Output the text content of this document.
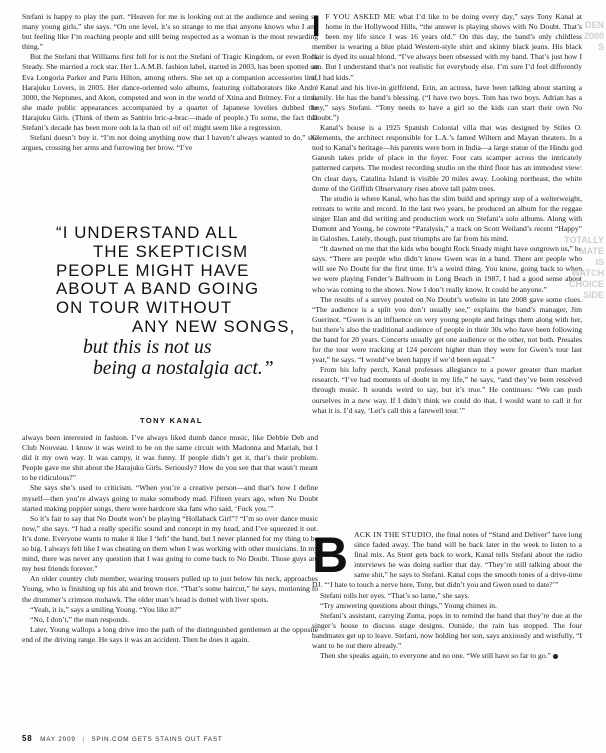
Stefani is happy to play the part. “Heaven for me is looking out at the audience and seeing so many young girls,” she says. “On one level, it’s so strange to me that anyone knows who I am, but feeling like I’m reaching people and still being respected as a woman is the most rewarding thing.”

But the Stefani that Williams first fell for is not the Stefani of Tragic Kingdom, or even Rock Steady. She married a rock star. Her L.A.M.B. fashion label, started in 2003, has been spotted on Eva Longoria Parker and Paris Hilton, among others. She set up a companion accessories line, Harajuku Lovers, in 2005. Her dance-oriented solo albums, featuring collaborators like André 3000, the Neptunes, and Akon, competed and won in the world of Xtina and Britney. For a time, she made public appearances accompanied by a quartet of Japanese lovelies dubbed the Harajuku Girls. (Think of them as Santrio bric-a-brac—made of people.) To some, the fact that Stefani’s decade has been more ooh la la than oi! oi! oi! might seem like a regression.

Stefani doesn’t buy it. “I’m not doing anything now that I haven’t always wanted to do,” she argues, crossing her arms and furrowing her brow. “I’ve

“I UNDERSTAND ALL
THE SKEPTICISM
PEOPLE MIGHT HAVE
ABOUT A BAND GOING
ON TOUR WITHOUT
ANY NEW SONGS,
but this is not us
being a nostalgia act.”
TONY KANAL

always been interested in fashion. I’ve always liked dumb dance music, like Debbie Deb and Club Nouveau. I know it was weird to be on the same circuit with Madonna and Mariah, but I did it my own way. It was campy, it was funny. If people didn’t get it, that’s their problem. People gave me shit about the Harajuku Girls. Seriously? How do you see that that wasn’t meant to be ridiculous?”

She says she’s used to criticism. “When you’re a creative person—and that’s how I define myself—then you’re always going to make somebody mad. Fifteen years ago, when No Doubt started making poppier songs, there were hardcore ska fans who said, ‘Fuck you.’”

So it’s fair to say that No Doubt won’t be playing “Hollaback Girl”? “I’m so over dance music now,” she says. “I had a really specific sound and concept in my head, and I’ve squeezed it out. It’s done. Everyone wants to make it like I ‘left’ the band, but I never planned for my thing to be so big. I always felt like I was cheating on them when I was working with other musicians. In my mind, there was never any question that I was going to come back to No Doubt. Those guys are my best friends forever.”

An older country club member, wearing trousers pulled up to just below his neck, approaches Young, who is finishing up his ahi and brown rice. “That’s some haircut,” he says, motioning to the drummer’s crimson mohawk. The older man’s head is dotted with liver spots.

“Yeah, it is,” says a smiling Young. “You like it?”

“No, I don’t,” the man responds.

Later, Young wallops a long drive into the path of the distinguished gentlemen at the opposite end of the driving range. He says it was an accident. Then he does it again.

I F YOU ASKED ME what I’d like to be doing every day,” says Tony Kanal at home in the Hollywood Hills, “the answer is playing shows with No Doubt. That’s been my life since I was 16 years old.” On this day, the band’s only childless member is wearing a blue plaid Western-style shirt and skinny black jeans. His black hair is dyed its usual blond. “I’ve always been obsessed with my band. That’s just how I am. But I understand that’s not realistic for everybody else. I’m sure I’d feel differently if I had kids.”

Kanal and his live-in girlfriend, Erin, an actress, have been talking about starting a family. He has the band’s blessing. (“I have two boys. Tom has two boys. Adrian has a boy,” says Stefani. “Tony needs to have a girl so the kids can start their own No Doubt.”)

Kanal’s house is a 1925 Spanish Colonial villa that was designed by Stiles O. Clements, the architect responsible for L.A.’s famed Wiltern and Mayan theaters. In a nod to Kanal’s heritage—his parents were born in India—a large statue of the Hindu god Ganesh takes pride of place in the foyer. Four cats scamper across the intricately patterned carpets. The modest recording studio on the third floor has an immodest view: On clear days, Catalina Island is visible 20 miles away. Looking northeast, the white dome of the Griffith Observatory rises above tall palm trees.

The studio is where Kanal, who has the slim build and springy step of a welterweight, retreats to write and record. In the last two years, he produced an album for the reggae singer Elan and did writing and production work on Stefani’s solo albums. Along with Dumont and Young, he cowrote “Paralysis,” a track on Scott Weiland’s recent “Happy” in Galoshes. Lately, though, past triumphs are far from his mind.

“It dawned on me that the kids who bought Rock Steady might have outgrown us,” he says. “There are people who didn’t know Gwen was in a band. There are people who will see No Doubt for the first time. It’s a weird thing. You know, going back to when we were playing Fender’s Ballroom in Long Beach in 1987, I had a good sense about who was coming to the shows. Now I don’t really know. It could be anyone.”

The results of a survey posted on No Doubt’s website in late 2008 gave some clues. “The audience is a split you don’t usually see,” explains the band’s manager, Jim Guerinot. “Gwen is an influence on very young people and brings them along with her, but there’s also the traditional audience of people in their 30s who have been following the band for 20 years. Concerts usually get one audience or the other, not both. Presales for the tour were tracking at 124 percent higher than they were for Gwen’s tour last year,” he says. “I would’ve been happy if we’d been equal.”

From his lofty perch, Kanal professes allegiance to a power greater than market research. “I’ve had moments of doubt in my life,” he says, “and they’ve been resolved through music. It sounds weird to say, but it’s true.” He continues: “We can push ourselves in a new way. If I didn’t think we could do that, I would want to call it for what it is. I’d say, ‘Let’s call this a farewell tour.’”

BACK IN THE STUDIO, the final notes of “Stand and Deliver” have long since faded away. The band will be back later in the week to listen to a final mix. As Stent gets back to work, Kanal tells Stefani about the radio interviews he was doing earlier that day. “They’re still talking about the same shit,” he says to Stefani. Kanal cops the smooth tones of a drive-time DJ. “‘I hate to touch a nerve here, Tony, but didn’t you and Gwen used to date?’”

Stefani rolls her eyes. “That’s so lame,” she says.

“Try answering questions about things,” Young chimes in.

Stefani’s assistant, carrying Zuma, pops in to remind the band that they’re due at the singer’s house to discuss stage designs. Outside, the rain has stopped. The four bandmates get up to leave. Stefani, now holding her son, says anxiously and wistfully, “I want to be out there already.”

Then she speaks again, to everyone and no one. “We still have so far to go.”

DEN
2000
S
TOTALLY
MATE
IS
WATCH
CHOICE
SIDE
58 MAY 2009 | SPIN.COM GETS STAINS OUT FAST
